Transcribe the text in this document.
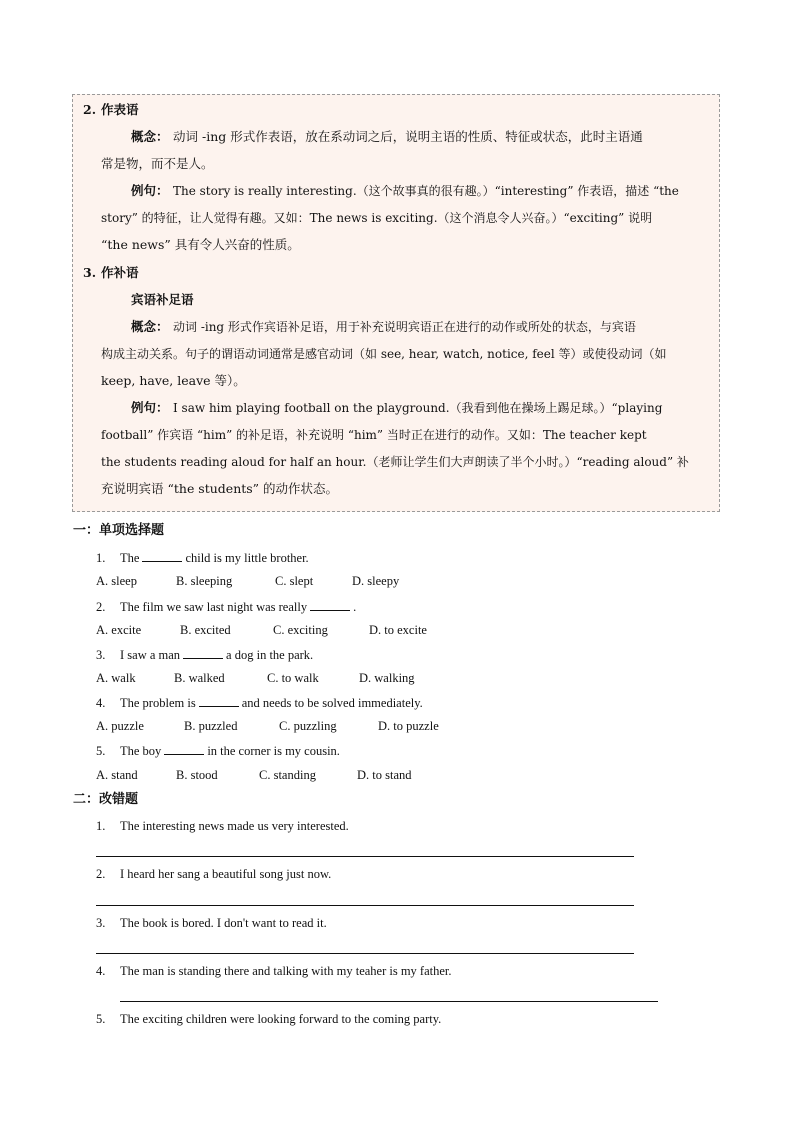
2. 作表语
概念： 动词 -ing 形式作表语，放在系动词之后，说明主语的性质、特征或状态，此时主语通
常是物，而不是人。
例句： The story is really interesting.（这个故事真的很有趣。）“interesting” 作表语，描述 “the
story” 的特征，让人觉得有趣。又如：The news is exciting.（这个消息令人兴奋。）“exciting” 说明
“the news” 具有令人兴奋的性质。
3. 作补语
宾语补足语
概念： 动词 -ing 形式作宾语补足语，用于补充说明宾语正在进行的动作或所处的状态，与宾语
构成主动关系。句子的谓语动词通常是感官动词（如 see, hear, watch, notice, feel 等）或使役动词（如
keep, have, leave 等）。
例句： I saw him playing football on the playground.（我看到他在操场上踢足球。）“playing
football” 作宾语 “him” 的补足语，补充说明 “him” 当时正在进行的动作。又如：The teacher kept
the students reading aloud for half an hour.（老师让学生们大声朗读了半个小时。）“reading aloud” 补
充说明宾语 “the students” 的动作状态。
一：单项选择题
1. The	child is my little brother.
A. sleep	B. sleeping	C. slept	D. sleepy
2. The film we saw last night was really	.
A. excite	B. excited	C. exciting	D. to excite
3. I saw a man	a dog in the park.
A. walk	B. walked	C. to walk	D. walking
4. The problem is	and needs to be solved immediately.
A. puzzle	B. puzzled	C. puzzling	D. to puzzle
5. The boy	in the corner is my cousin.
A. stand	B. stood	C. standing	D. to stand
二：改错题
1. The interesting news made us very interested.
2. I heard her sang a beautiful song just now.
3. The book is bored. I don't want to read it.
4. The man is standing there and talking with my teaher is my father.
5. The exciting children were looking forward to the coming party.
